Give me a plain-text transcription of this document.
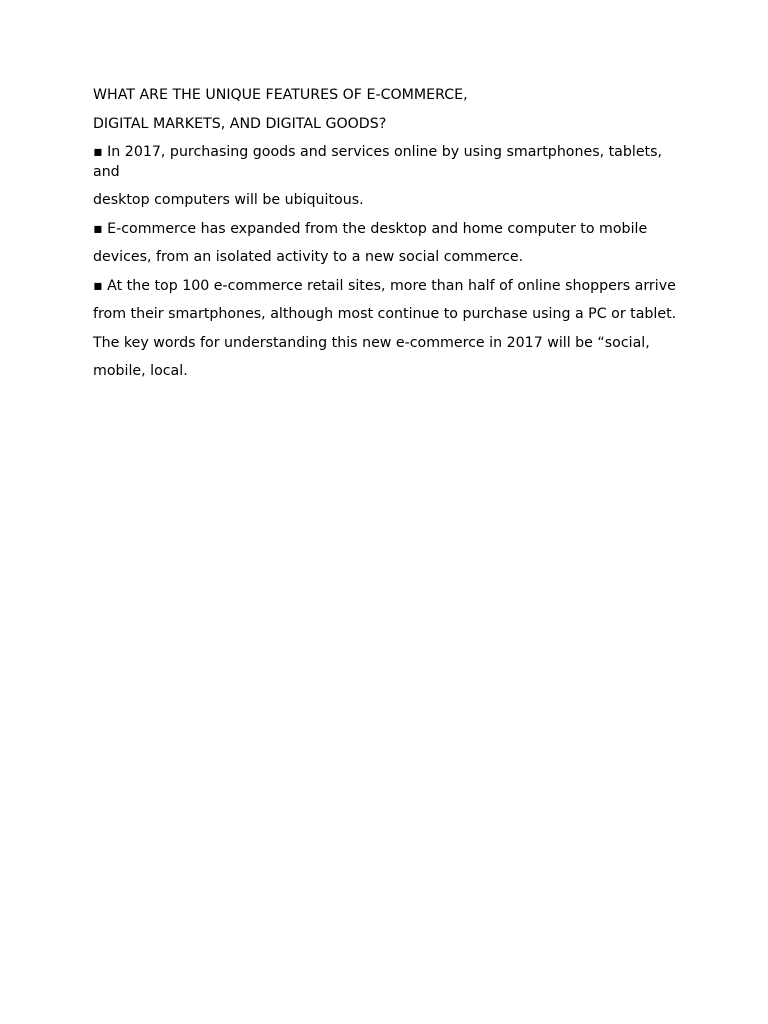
WHAT ARE THE UNIQUE FEATURES OF E-COMMERCE,

DIGITAL MARKETS, AND DIGITAL GOODS?

▪ In 2017, purchasing goods and services online by using smartphones, tablets, and

desktop computers will be ubiquitous.

▪ E-commerce has expanded from the desktop and home computer to mobile

devices, from an isolated activity to a new social commerce.

▪ At the top 100 e-commerce retail sites, more than half of online shoppers arrive

from their smartphones, although most continue to purchase using a PC or tablet.

The key words for understanding this new e-commerce in 2017 will be “social,

mobile, local.
